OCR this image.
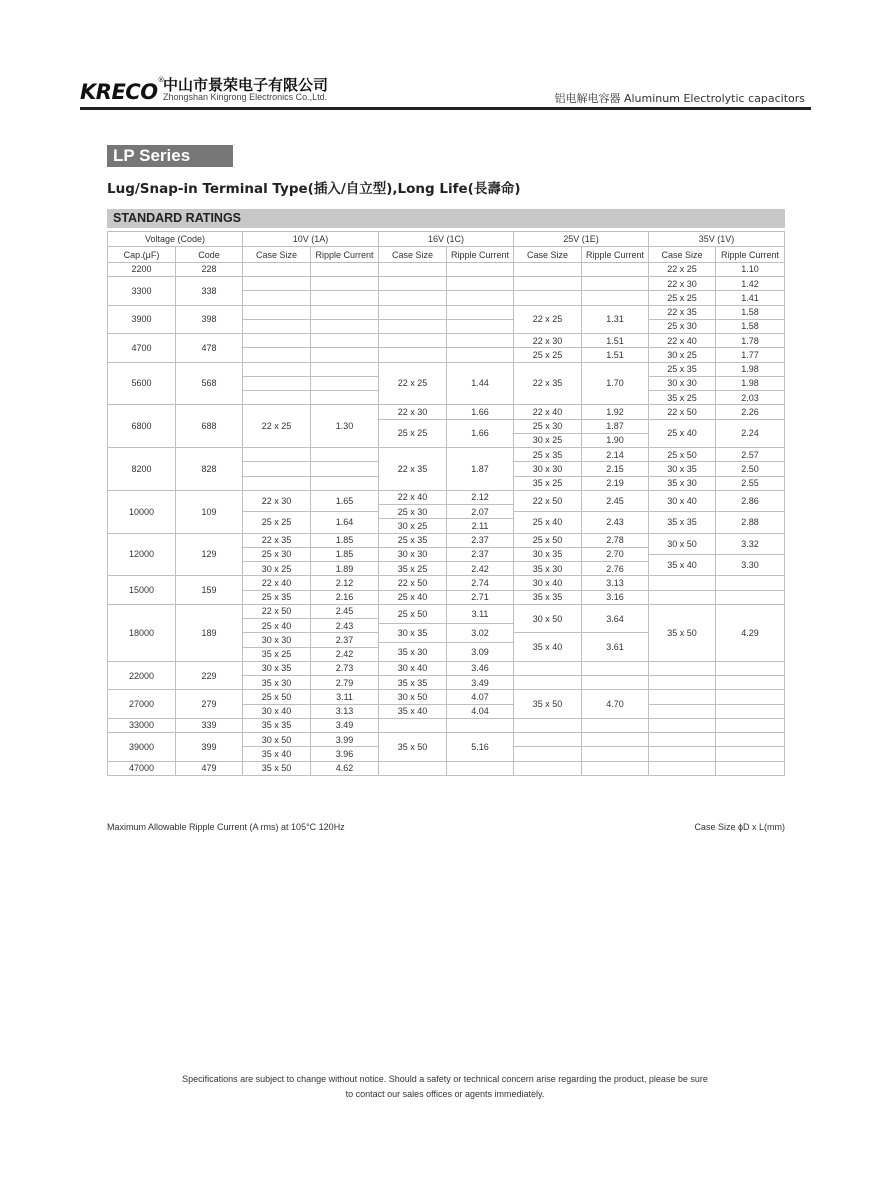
KRECO®
中山市景荣电子有限公司
Zhongshan Kingrong Electronics Co.,Ltd.	铝电解电容器 Aluminum Electrolytic capacitors
LP Series
Lug/Snap-in Terminal Type(插入/自立型),Long Life(長壽命)
STANDARD RATINGS
Voltage (Code)		10V (1A)		16V (1C)		25V (1E)		35V (1V)	
Cap.(μF)	Code	Case Size	Ripple Current	Case Size	Ripple Current	Case Size	Ripple Current	Case Size	Ripple Current
2200	228							22 x 25	1.10

3300	338							22 x 30	1.42

								25 x 25	1.41

3900	398					22 x 25	1.31	22 x 35	1.58

								25 x 30	1.58

4700	478					22 x 30	1.51	22 x 40	1.78

						25 x 25	1.51	30 x 25	1.77

5600	568			22 x 25	1.44	22 x 35	1.70	25 x 35	1.98

								30 x 30	1.98

								35 x 25	2.03

6800	688	22 x 25	1.30	22 x 30	1.66	22 x 40	1.92	22 x 50	2.26

				25 x 25	1.66	25 x 30	1.87	25 x 40	2.24

						30 x 25	1.90		

8200	828			22 x 35	1.87	25 x 35	2.14	25 x 50	2.57

						30 x 30	2.15	30 x 35	2.50

						35 x 25	2.19	35 x 30	2.55

10000	109	22 x 30	1.65	22 x 40	2.12	22 x 50	2.45	30 x 40	2.86

				25 x 30	2.07				

		25 x 25	1.64			25 x 40	2.43	35 x 35	2.88

				30 x 25	2.11				

12000	129	22 x 35	1.85	25 x 35	2.37	25 x 50	2.78	30 x 50	3.32

		25 x 30	1.85	30 x 30	2.37	30 x 35	2.70		

								35 x 40	3.30

		30 x 25	1.89	35 x 25	2.42	35 x 30	2.76		

15000	159	22 x 40	2.12	22 x 50	2.74	30 x 40	3.13		

		25 x 35	2.16	25 x 40	2.71	35 x 35	3.16		

18000	189	22 x 50	2.45	25 x 50	3.11	30 x 50	3.64	35 x 50	4.29

		25 x 40	2.43						

				30 x 35	3.02				

		30 x 30	2.37			35 x 40	3.61		

				35 x 30	3.09				

		35 x 25	2.42						

22000	229	30 x 35	2.73	30 x 40	3.46				

		35 x 30	2.79	35 x 35	3.49				

27000	279	25 x 50	3.11	30 x 50	4.07	35 x 50	4.70		

		30 x 40	3.13	35 x 40	4.04				

33000	339	35 x 35	3.49						

39000	399	30 x 50	3.99	35 x 50	5.16				

		35 x 40	3.96						

47000	479	35 x 50	4.62						

Maximum Allowable Ripple Current (A rms) at 105°C 120Hz	Case Size ϕD x L(mm)
Specifications are subject to change without notice. Should a safety or technical concern arise regarding the product, please be sure
to contact our sales offices or agents immediately.
